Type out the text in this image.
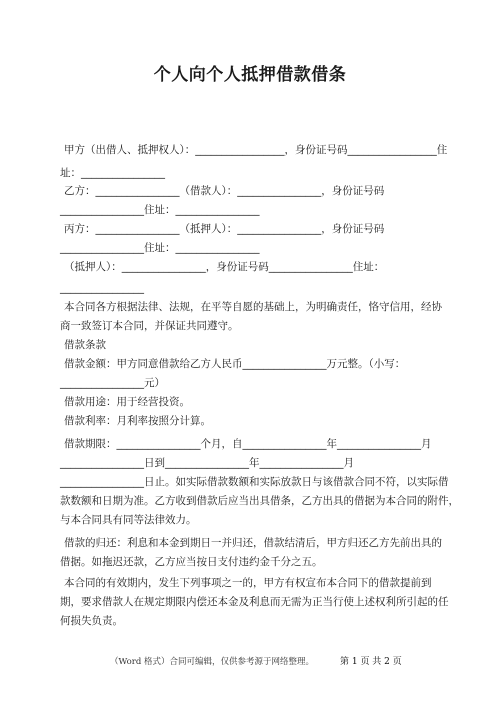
个人向个人抵押借款借条
甲方（出借人、抵押权人）：_________________，身份证号码_________________住
址：________________
乙方：________________（借款人）：________________，身份证号码
________________住址：________________
丙方：________________（抵押人）：________________，身份证号码
________________住址：________________
（抵押人）：________________，身份证号码________________住址：
________________
本合同各方根据法律、法规，在平等自愿的基础上，为明确责任，恪守信用，经协
商一致签订本合同，并保证共同遵守。
借款条款
借款金额：甲方同意借款给乙方人民币________________万元整。（小写：
________________元）
借款用途：用于经营投资。
借款利率：月利率按照分计算。
借款期限：________________个月，自________________年________________月
________________日到________________年________________月
________________日止。如实际借款数额和实际放款日与该借款合同不符，以实际借
款数额和日期为准。乙方收到借款后应当出具借条，乙方出具的借据为本合同的附件，
与本合同具有同等法律效力。
借款的归还：利息和本金到期日一并归还，借款结清后，甲方归还乙方先前出具的
借据。如拖迟还款，乙方应当按日支付违约金千分之五。
本合同的有效期内，发生下列事项之一的，甲方有权宣布本合同下的借款提前到
期，要求借款人在规定期限内偿还本金及利息而无需为正当行使上述权利所引起的任
何损失负责。
（Word 格式）合同可编辑，仅供参考源于网络整理。	第 1 页 共 2 页
